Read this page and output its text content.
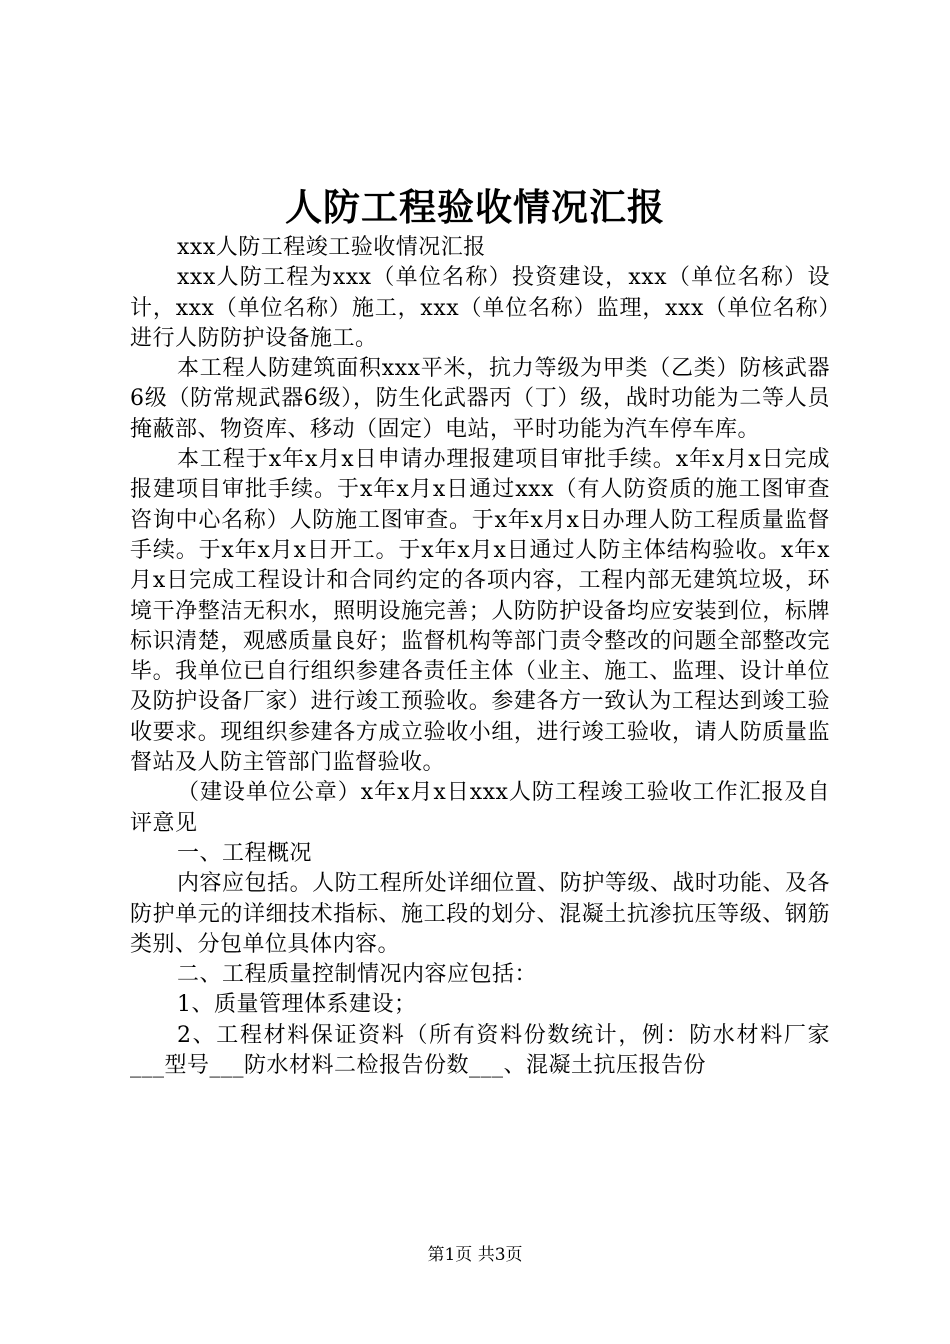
人防工程验收情况汇报

xxx人防工程竣工验收情况汇报

xxx人防工程为xxx（单位名称）投资建设，xxx（单位名称）设计，xxx（单位名称）施工，xxx（单位名称）监理，xxx（单位名称）进行人防防护设备施工。

本工程人防建筑面积xxx平米，抗力等级为甲类（乙类）防核武器6级（防常规武器6级），防生化武器丙（丁）级，战时功能为二等人员掩蔽部、物资库、移动（固定）电站，平时功能为汽车停车库。

本工程于x年x月x日申请办理报建项目审批手续。x年x月x日完成报建项目审批手续。于x年x月x日通过xxx（有人防资质的施工图审查咨询中心名称）人防施工图审查。于x年x月x日办理人防工程质量监督手续。于x年x月x日开工。于x年x月x日通过人防主体结构验收。x年x月x日完成工程设计和合同约定的各项内容，工程内部无建筑垃圾，环境干净整洁无积水，照明设施完善；人防防护设备均应安装到位，标牌标识清楚，观感质量良好；监督机构等部门责令整改的问题全部整改完毕。我单位已自行组织参建各责任主体（业主、施工、监理、设计单位及防护设备厂家）进行竣工预验收。参建各方一致认为工程达到竣工验收要求。现组织参建各方成立验收小组，进行竣工验收，请人防质量监督站及人防主管部门监督验收。

（建设单位公章）x年x月x日xxx人防工程竣工验收工作汇报及自评意见

一、工程概况

内容应包括。人防工程所处详细位置、防护等级、战时功能、及各防护单元的详细技术指标、施工段的划分、混凝土抗渗抗压等级、钢筋类别、分包单位具体内容。

二、工程质量控制情况内容应包括：

1、质量管理体系建设；

2、工程材料保证资料（所有资料份数统计，例：防水材料厂家___型号___防水材料二检报告份数___、混凝土抗压报告份

第1页 共3页
